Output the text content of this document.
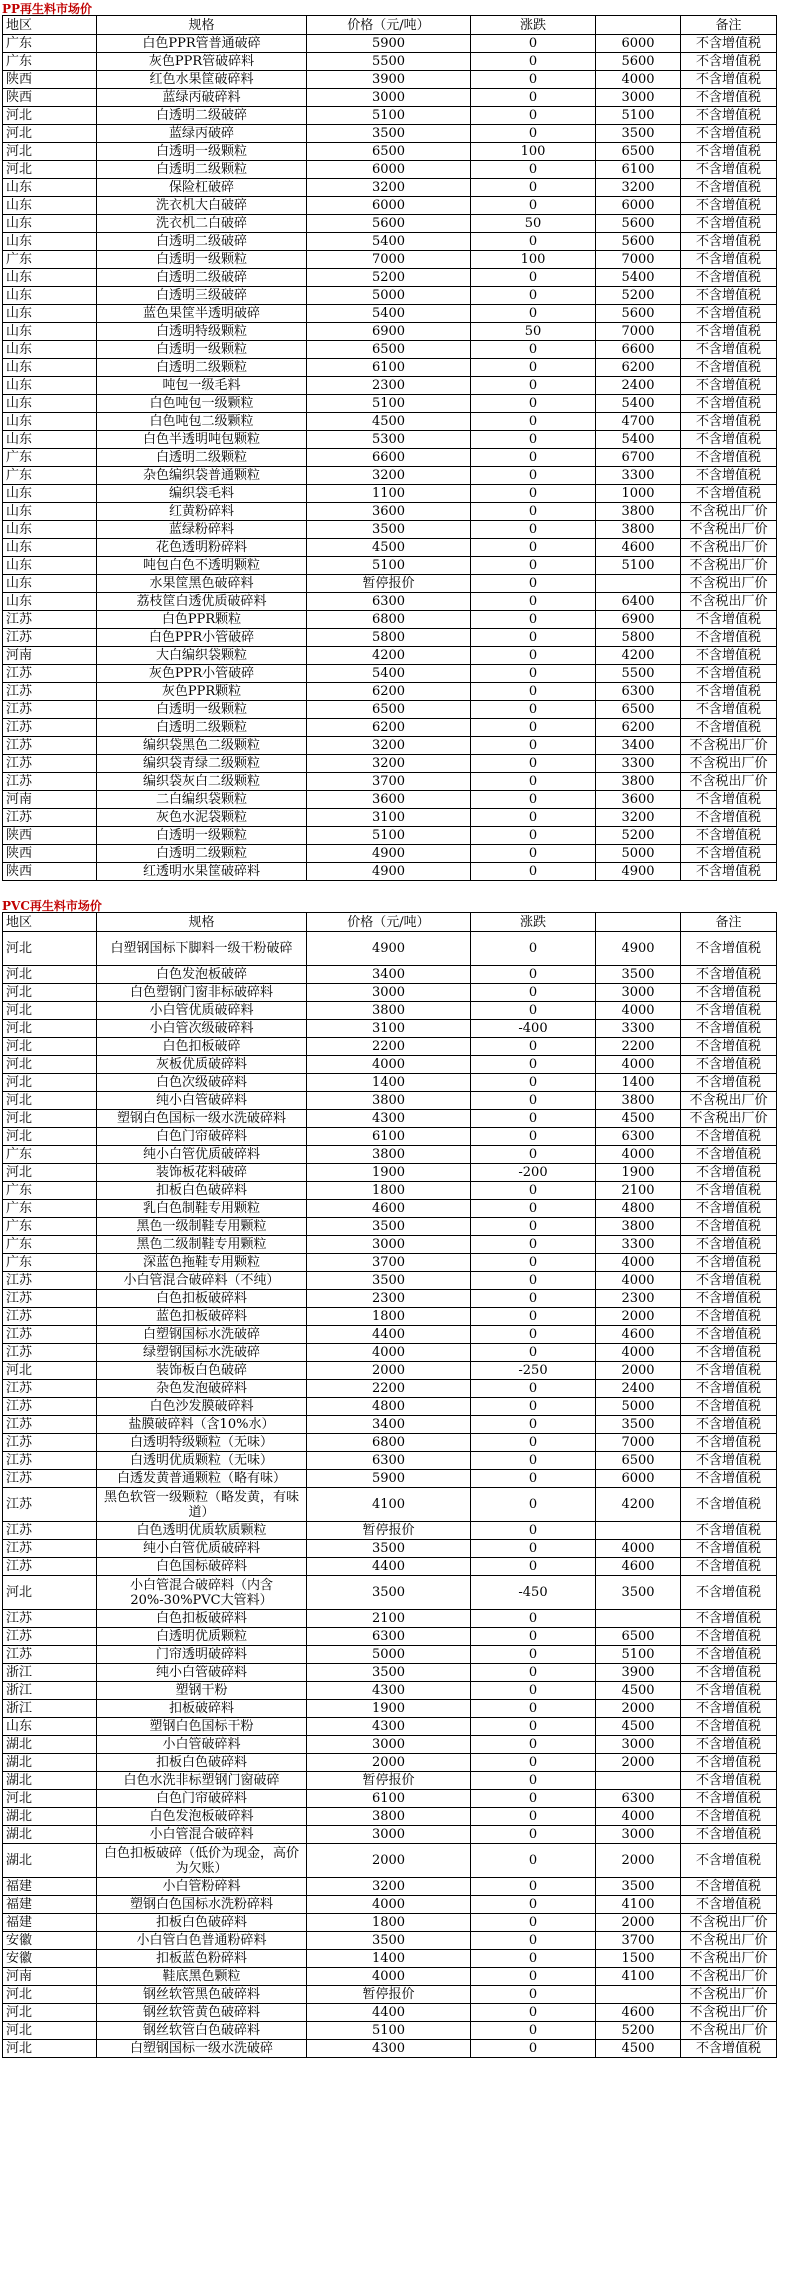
PP再生料市场价
地区	规格	价格（元/吨）	涨跌		备注
广东	白色PPR管普通破碎	5900	0	6000	不含增值税
广东	灰色PPR管破碎料	5500	0	5600	不含增值税
陕西	红色水果筐破碎料	3900	0	4000	不含增值税
陕西	蓝绿丙破碎料	3000	0	3000	不含增值税
河北	白透明二级破碎	5100	0	5100	不含增值税
河北	蓝绿丙破碎	3500	0	3500	不含增值税
河北	白透明一级颗粒	6500	100	6500	不含增值税
河北	白透明二级颗粒	6000	0	6100	不含增值税
山东	保险杠破碎	3200	0	3200	不含增值税
山东	洗衣机大白破碎	6000	0	6000	不含增值税
山东	洗衣机二白破碎	5600	50	5600	不含增值税
山东	白透明二级破碎	5400	0	5600	不含增值税
广东	白透明一级颗粒	7000	100	7000	不含增值税
山东	白透明二级破碎	5200	0	5400	不含增值税
山东	白透明三级破碎	5000	0	5200	不含增值税
山东	蓝色果筐半透明破碎	5400	0	5600	不含增值税
山东	白透明特级颗粒	6900	50	7000	不含增值税
山东	白透明一级颗粒	6500	0	6600	不含增值税
山东	白透明二级颗粒	6100	0	6200	不含增值税
山东	吨包一级毛料	2300	0	2400	不含增值税
山东	白色吨包一级颗粒	5100	0	5400	不含增值税
山东	白色吨包二级颗粒	4500	0	4700	不含增值税
山东	白色半透明吨包颗粒	5300	0	5400	不含增值税
广东	白透明二级颗粒	6600	0	6700	不含增值税
广东	杂色编织袋普通颗粒	3200	0	3300	不含增值税
山东	编织袋毛料	1100	0	1000	不含增值税
山东	红黄粉碎料	3600	0	3800	不含税出厂价
山东	蓝绿粉碎料	3500	0	3800	不含税出厂价
山东	花色透明粉碎料	4500	0	4600	不含税出厂价
山东	吨包白色不透明颗粒	5100	0	5100	不含税出厂价
山东	水果筐黑色破碎料	暂停报价	0		不含税出厂价
山东	荔枝筐白透优质破碎料	6300	0	6400	不含税出厂价
江苏	白色PPR颗粒	6800	0	6900	不含增值税
江苏	白色PPR小管破碎	5800	0	5800	不含增值税
河南	大白编织袋颗粒	4200	0	4200	不含增值税
江苏	灰色PPR小管破碎	5400	0	5500	不含增值税
江苏	灰色PPR颗粒	6200	0	6300	不含增值税
江苏	白透明一级颗粒	6500	0	6500	不含增值税
江苏	白透明二级颗粒	6200	0	6200	不含增值税
江苏	编织袋黑色二级颗粒	3200	0	3400	不含税出厂价
江苏	编织袋青绿二级颗粒	3200	0	3300	不含税出厂价
江苏	编织袋灰白二级颗粒	3700	0	3800	不含税出厂价
河南	二白编织袋颗粒	3600	0	3600	不含增值税
江苏	灰色水泥袋颗粒	3100	0	3200	不含增值税
陕西	白透明一级颗粒	5100	0	5200	不含增值税
陕西	白透明二级颗粒	4900	0	5000	不含增值税
陕西	红透明水果筐破碎料	4900	0	4900	不含增值税
PVC再生料市场价
地区	规格	价格（元/吨）	涨跌		备注
河北	白塑钢国标下脚料一级干粉破碎	4900	0	4900	不含增值税
河北	白色发泡板破碎	3400	0	3500	不含增值税
河北	白色塑钢门窗非标破碎料	3000	0	3000	不含增值税
河北	小白管优质破碎料	3800	0	4000	不含增值税
河北	小白管次级破碎料	3100	-400	3300	不含增值税
河北	白色扣板破碎	2200	0	2200	不含增值税
河北	灰板优质破碎料	4000	0	4000	不含增值税
河北	白色次级破碎料	1400	0	1400	不含增值税
河北	纯小白管破碎料	3800	0	3800	不含税出厂价
河北	塑钢白色国标一级水洗破碎料	4300	0	4500	不含税出厂价
河北	白色门帘破碎料	6100	0	6300	不含增值税
广东	纯小白管优质破碎料	3800	0	4000	不含增值税
河北	装饰板花料破碎	1900	-200	1900	不含增值税
广东	扣板白色破碎料	1800	0	2100	不含增值税
广东	乳白色制鞋专用颗粒	4600	0	4800	不含增值税
广东	黑色一级制鞋专用颗粒	3500	0	3800	不含增值税
广东	黑色二级制鞋专用颗粒	3000	0	3300	不含增值税
广东	深蓝色拖鞋专用颗粒	3700	0	4000	不含增值税
江苏	小白管混合破碎料（不纯）	3500	0	4000	不含增值税
江苏	白色扣板破碎料	2300	0	2300	不含增值税
江苏	蓝色扣板破碎料	1800	0	2000	不含增值税
江苏	白塑钢国标水洗破碎	4400	0	4600	不含增值税
江苏	绿塑钢国标水洗破碎	4000	0	4000	不含增值税
河北	装饰板白色破碎	2000	-250	2000	不含增值税
江苏	杂色发泡破碎料	2200	0	2400	不含增值税
江苏	白色沙发膜破碎料	4800	0	5000	不含增值税
江苏	盐膜破碎料（含10%水）	3400	0	3500	不含增值税
江苏	白透明特级颗粒（无味）	6800	0	7000	不含增值税
江苏	白透明优质颗粒（无味）	6300	0	6500	不含增值税
江苏	白透发黄普通颗粒（略有味）	5900	0	6000	不含增值税
江苏	黑色软管一级颗粒（略发黄，有味道）	4100	0	4200	不含增值税
江苏	白色透明优质软质颗粒	暂停报价	0		不含增值税
江苏	纯小白管优质破碎料	3500	0	4000	不含增值税
江苏	白色国标破碎料	4400	0	4600	不含增值税
河北	小白管混合破碎料（内含20%-30%PVC大管料）	3500	-450	3500	不含增值税
江苏	白色扣板破碎料	2100	0		不含增值税
江苏	白透明优质颗粒	6300	0	6500	不含增值税
江苏	门帘透明破碎料	5000	0	5100	不含增值税
浙江	纯小白管破碎料	3500	0	3900	不含增值税
浙江	塑钢干粉	4300	0	4500	不含增值税
浙江	扣板破碎料	1900	0	2000	不含增值税
山东	塑钢白色国标干粉	4300	0	4500	不含增值税
湖北	小白管破碎料	3000	0	3000	不含增值税
湖北	扣板白色破碎料	2000	0	2000	不含增值税
湖北	白色水洗非标塑钢门窗破碎	暂停报价	0		不含增值税
河北	白色门帘破碎料	6100	0	6300	不含增值税
湖北	白色发泡板破碎料	3800	0	4000	不含增值税
湖北	小白管混合破碎料	3000	0	3000	不含增值税
湖北	白色扣板破碎（低价为现金，高价为欠账）	2000	0	2000	不含增值税
福建	小白管粉碎料	3200	0	3500	不含增值税
福建	塑钢白色国标水洗粉碎料	4000	0	4100	不含增值税
福建	扣板白色破碎料	1800	0	2000	不含税出厂价
安徽	小白管白色普通粉碎料	3500	0	3700	不含税出厂价
安徽	扣板蓝色粉碎料	1400	0	1500	不含税出厂价
河南	鞋底黑色颗粒	4000	0	4100	不含税出厂价
河北	钢丝软管黑色破碎料	暂停报价	0		不含税出厂价
河北	钢丝软管黄色破碎料	4400	0	4600	不含税出厂价
河北	钢丝软管白色破碎料	5100	0	5200	不含税出厂价
河北	白塑钢国标一级水洗破碎	4300	0	4500	不含增值税
